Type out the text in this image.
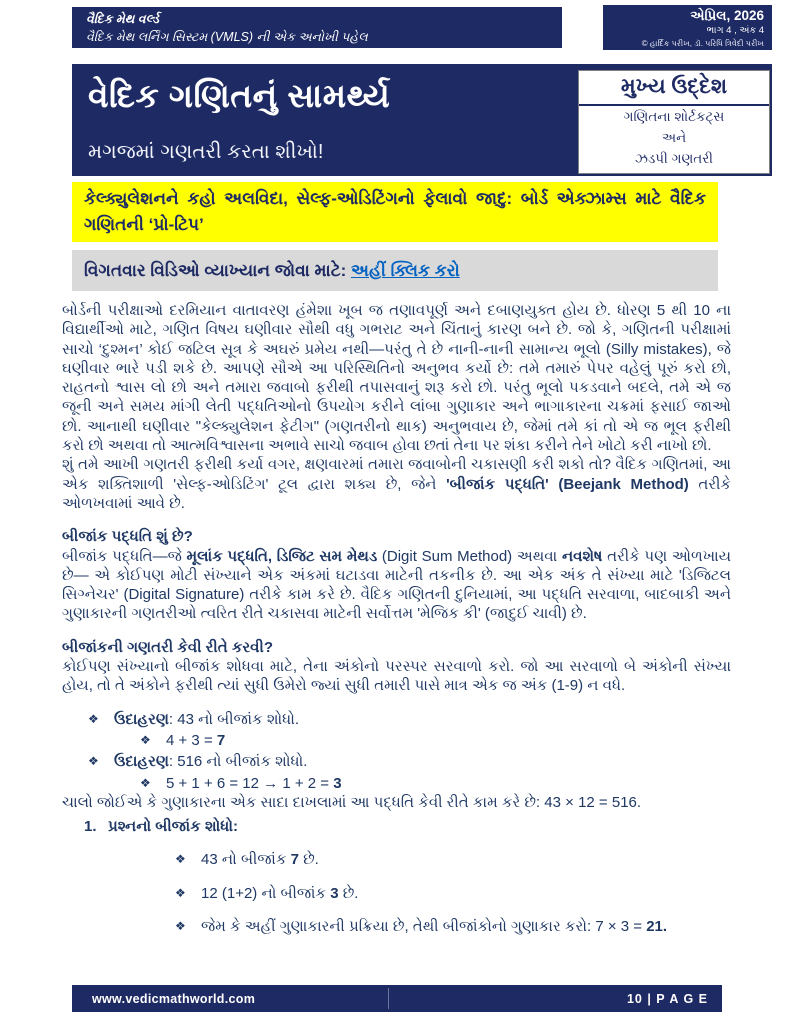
વૈદિક મેથ વર્લ્ડ
વૈદિક મેથ લર્નિંગ સિસ્ટમ (VMLS) ની એક અનોખી પહેલ
એપ્રિલ, 2026
ભાગ 4 , અંક 4
© હાર્દિક પરીખ, ડૉ. પરિધિ ત્રિવેદી પરીખ
વેદિક ગણિતનું સામર્થ્ય
મગજમાં ગણતરી કરતા શીખો!
મુખ્ય ઉદ્દેશ
ગણિતના શોર્ટકટ્સ
અને
ઝડપી ગણતરી
કેલ્ક્યુલેશનને કહો અલવિદા, સેલ્ફ-ઓડિટિંગનો ફેલાવો જાદુ: બોર્ડ એક્ઝામ્સ માટે વૈદિક ગણિતની ‘પ્રો-ટિપ’
વિગતવાર વિડિઓ વ્યાખ્યાન જોવા માટે: અહીં ક્લિક કરો

બોર્ડની પરીક્ષાઓ દરમિયાન વાતાવરણ હંમેશા ખૂબ જ તણાવપૂર્ણ અને દબાણયુક્ત હોય છે. ધોરણ 5 થી 10 ના વિદ્યાર્થીઓ માટે, ગણિત વિષય ઘણીવાર સૌથી વધુ ગભરાટ અને ચિંતાનું કારણ બને છે. જો કે, ગણિતની પરીક્ષામાં સાચો ‘દુશ્મન’ કોઈ જટિલ સૂત્ર કે અઘરું પ્રમેય નથી—પરંતુ તે છે નાની-નાની સામાન્ય ભૂલો (Silly mistakes), જે ઘણીવાર ભારે પડી શકે છે. આપણે સૌએ આ પરિસ્થિતિનો અનુભવ કર્યો છે: તમે તમારું પેપર વહેલું પૂરું કરો છો, રાહતનો શ્વાસ લો છો અને તમારા જવાબો ફરીથી તપાસવાનું શરૂ કરો છો. પરંતુ ભૂલો પકડવાને બદલે, તમે એ જ જૂની અને સમય માંગી લેતી પદ્ધતિઓનો ઉપયોગ કરીને લાંબા ગુણાકાર અને ભાગાકારના ચક્રમાં ફસાઈ જાઓ છો. આનાથી ઘણીવાર "કેલ્ક્યુલેશન ફેટીગ" (ગણતરીનો થાક) અનુભવાય છે, જેમાં તમે કાં તો એ જ ભૂલ ફરીથી કરો છો અથવા તો આત્મવિશ્વાસના અભાવે સાચો જવાબ હોવા છતાં તેના પર શંકા કરીને તેને ખોટો કરી નાખો છો.

શું તમે આખી ગણતરી ફરીથી કર્યા વગર, ક્ષણવારમાં તમારા જવાબોની ચકાસણી કરી શકો તો? વૈદિક ગણિતમાં, આ એક શક્તિશાળી 'સેલ્ફ-ઓડિટિંગ' ટૂલ દ્વારા શક્ય છે, જેને 'બીજાંક પદ્ધતિ' (Beejank Method) તરીકે ઓળખવામાં આવે છે.

બીજાંક પદ્ધતિ શું છે?

બીજાંક પદ્ધતિ—જે મૂલાંક પદ્ધતિ, ડિજિટ સમ મેથડ (Digit Sum Method) અથવા નવશેષ તરીકે પણ ઓળખાય છે— એ કોઈપણ મોટી સંખ્યાને એક અંકમાં ઘટાડવા માટેની તકનીક છે. આ એક અંક તે સંખ્યા માટે 'ડિજિટલ સિગ્નેચર' (Digital Signature) તરીકે કામ કરે છે. વૈદિક ગણિતની દુનિયામાં, આ પદ્ધતિ સરવાળા, બાદબાકી અને ગુણાકારની ગણતરીઓ ત્વરિત રીતે ચકાસવા માટેની સર્વોત્તમ 'મેજિક કી' (જાદુઈ ચાવી) છે.

બીજાંકની ગણતરી કેવી રીતે કરવી?

કોઈપણ સંખ્યાનો બીજાંક શોધવા માટે, તેના અંકોનો પરસ્પર સરવાળો કરો. જો આ સરવાળો બે અંકોની સંખ્યા હોય, તો તે અંકોને ફરીથી ત્યાં સુધી ઉમેરો જ્યાં સુધી તમારી પાસે માત્ર એક જ અંક (1-9) ન વધે.

❖	ઉદાહરણ: 43 નો બીજાંક શોધો.
❖	4 + 3 = 7
❖	ઉદાહરણ: 516 નો બીજાંક શોધો.
❖	5 + 1 + 6 = 12 → 1 + 2 = 3

ચાલો જોઈએ કે ગુણાકારના એક સાદા દાખલામાં આ પદ્ધતિ કેવી રીતે કામ કરે છે: 43 × 12 = 516.

1. પ્રશ્નનો બીજાંક શોધો:
❖	43 નો બીજાંક 7 છે.
❖	12 (1+2) નો બીજાંક 3 છે.
❖	જેમ કે અહીં ગુણાકારની પ્રક્રિયા છે, તેથી બીજાંકોનો ગુણાકાર કરો: 7 × 3 = 21.
www.vedicmathworld.com	10 | P A G E
